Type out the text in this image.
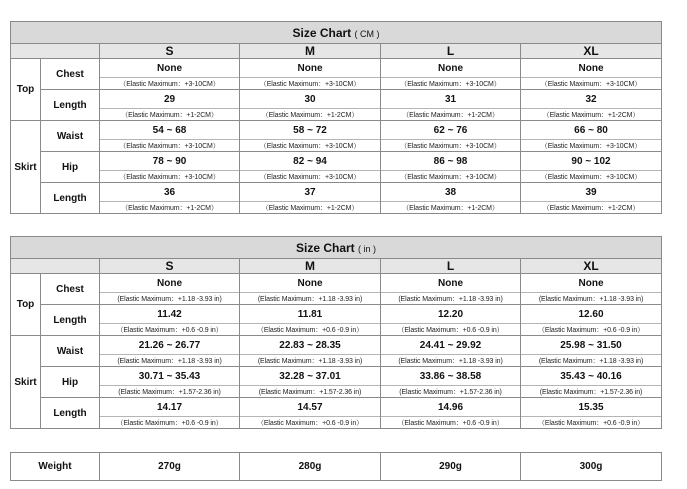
Size Chart ( CM )					
		S	M	L	XL
Top	Chest	None	None	None	None
		（Elastic Maximum：+3-10CM）	（Elastic Maximum：+3-10CM）	（Elastic Maximum：+3-10CM）	（Elastic Maximum：+3-10CM）
	Length	29	30	31	32
		（Elastic Maximum：+1-2CM）	（Elastic Maximum：+1-2CM）	（Elastic Maximum：+1-2CM）	（Elastic Maximum：+1-2CM）
Skirt	Waist	54 ~ 68	58 ~ 72	62 ~ 76	66 ~ 80
		（Elastic Maximum：+3-10CM）	（Elastic Maximum：+3-10CM）	（Elastic Maximum：+3-10CM）	（Elastic Maximum：+3-10CM）
	Hip	78 ~ 90	82 ~ 94	86 ~ 98	90 ~ 102
		（Elastic Maximum：+3-10CM）	（Elastic Maximum：+3-10CM）	（Elastic Maximum：+3-10CM）	（Elastic Maximum：+3-10CM）
	Length	36	37	38	39
		（Elastic Maximum：+1-2CM）	（Elastic Maximum：+1-2CM）	（Elastic Maximum：+1-2CM）	（Elastic Maximum：+1-2CM）
Size Chart ( in )					
		S	M	L	XL
Top	Chest	None	None	None	None
		(Elastic Maximum：+1.18 -3.93 in)	(Elastic Maximum：+1.18 -3.93 in)	(Elastic Maximum：+1.18 -3.93 in)	(Elastic Maximum：+1.18 -3.93 in)
	Length	11.42	11.81	12.20	12.60
		（Elastic Maximum：+0.6 -0.9 in）	（Elastic Maximum：+0.6 -0.9 in）	（Elastic Maximum：+0.6 -0.9 in）	（Elastic Maximum：+0.6 -0.9 in）
Skirt	Waist	21.26 ~ 26.77	22.83 ~ 28.35	24.41 ~ 29.92	25.98 ~ 31.50
		(Elastic Maximum：+1.18 -3.93 in)	(Elastic Maximum：+1.18 -3.93 in)	(Elastic Maximum：+1.18 -3.93 in)	(Elastic Maximum：+1.18 -3.93 in)
	Hip	30.71 ~ 35.43	32.28 ~ 37.01	33.86 ~ 38.58	35.43 ~ 40.16
		(Elastic Maximum：+1.57-2.36 in)	(Elastic Maximum：+1.57-2.36 in)	(Elastic Maximum：+1.57-2.36 in)	(Elastic Maximum：+1.57-2.36 in)
	Length	14.17	14.57	14.96	15.35
		（Elastic Maximum：+0.6 -0.9 in）	（Elastic Maximum：+0.6 -0.9 in）	（Elastic Maximum：+0.6 -0.9 in）	（Elastic Maximum：+0.6 -0.9 in）
Weight	270g	280g	290g	300g
